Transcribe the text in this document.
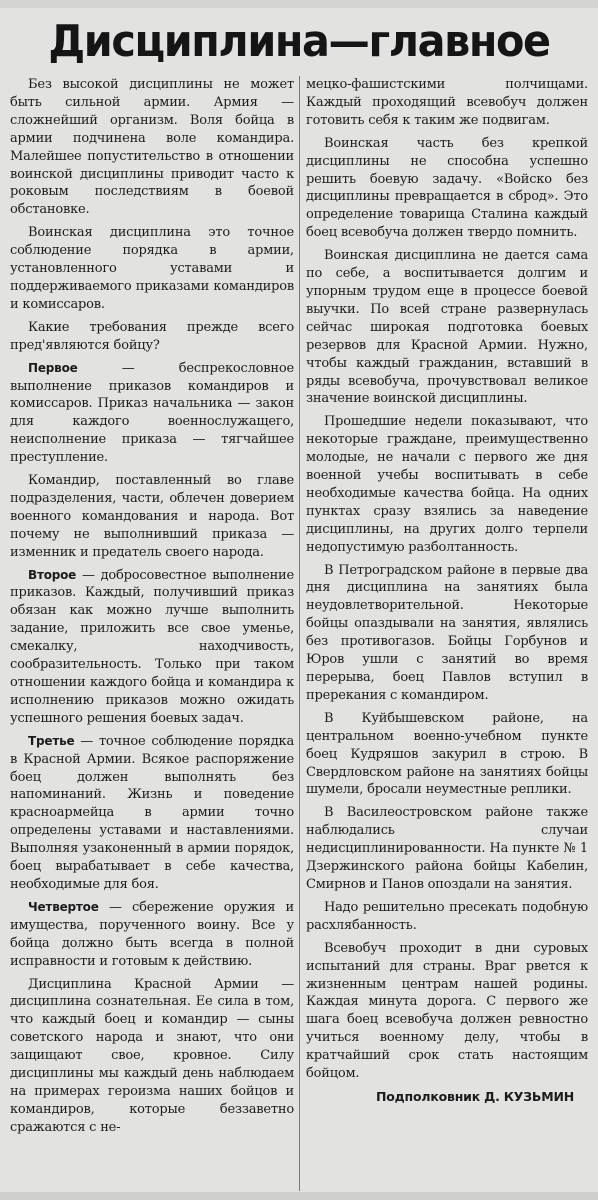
Дисциплина—главное

Без высокой дисциплины не может быть сильной армии. Армия — сложнейший организм. Воля бойца в армии подчинена воле командира. Малейшее попустительство в отношении воинской дисциплины приводит часто к роковым последствиям в боевой обстановке.

Воинская дисциплина это точное соблюдение порядка в армии, установленного уставами и поддерживаемого приказами командиров и комиссаров.

Какие требования прежде всего пред'являются бойцу?

Первое — беспрекословное выполнение приказов командиров и комиссаров. Приказ начальника — закон для каждого военнослужащего, неисполнение приказа — тягчайшее преступление.

Командир, поставленный во главе подразделения, части, облечен доверием военного командования и народа. Вот почему не выполнивший приказа — изменник и предатель своего народа.

Второе — добросовестное выполнение приказов. Каждый, получивший приказ обязан как можно лучше выполнить задание, приложить все свое уменье, смекалку, находчивость, сообразительность. Только при таком отношении каждого бойца и командира к исполнению приказов можно ожидать успешного решения боевых задач.

Третье — точное соблюдение порядка в Красной Армии. Всякое распоряжение боец должен выполнять без напоминаний. Жизнь и поведение красноармейца в армии точно определены уставами и наставлениями. Выполняя узаконенный в армии порядок, боец вырабатывает в себе качества, необходимые для боя.

Четвертое — сбережение оружия и имущества, порученного воину. Все у бойца должно быть всегда в полной исправности и готовым к действию.

Дисциплина Красной Армии — дисциплина сознательная. Ее сила в том, что каждый боец и командир — сыны советского народа и знают, что они защищают свое, кровное. Силу дисциплины мы каждый день наблюдаем на примерах героизма наших бойцов и командиров, которые беззаветно сражаются с не-

мецко-фашистскими полчищами. Каждый проходящий всевобуч должен готовить себя к таким же подвигам.

Воинская часть без крепкой дисциплины не способна успешно решить боевую задачу. «Войско без дисциплины превращается в сброд». Это определение товарища Сталина каждый боец всевобуча должен твердо помнить.

Воинская дисциплина не дается сама по себе, а воспитывается долгим и упорным трудом еще в процессе боевой выучки. По всей стране развернулась сейчас широкая подготовка боевых резервов для Красной Армии. Нужно, чтобы каждый гражданин, вставший в ряды всевобуча, прочувствовал великое значение воинской дисциплины.

Прошедшие недели показывают, что некоторые граждане, преимущественно молодые, не начали с первого же дня военной учебы воспитывать в себе необходимые качества бойца. На одних пунктах сразу взялись за наведение дисциплины, на других долго терпели недопустимую разболтанность.

В Петроградском районе в первые два дня дисциплина на занятиях была неудовлетворительной. Некоторые бойцы опаздывали на занятия, являлись без противогазов. Бойцы Горбунов и Юров ушли с занятий во время перерыва, боец Павлов вступил в пререкания с командиром.

В Куйбышевском районе, на центральном военно-учебном пункте боец Кудряшов закурил в строю. В Свердловском районе на занятиях бойцы шумели, бросали неуместные реплики.

В Василеостровском районе также наблюдались случаи недисциплинированности. На пункте № 1 Дзержинского района бойцы Кабелин, Смирнов и Панов опоздали на занятия.

Надо решительно пресекать подобную расхлябанность.

Всевобуч проходит в дни суровых испытаний для страны. Враг рвется к жизненным центрам нашей родины. Каждая минута дорога. С первого же шага боец всевобуча должен ревностно учиться военному делу, чтобы в кратчайший срок стать настоящим бойцом.

Подполковник Д. КУЗЬМИН
